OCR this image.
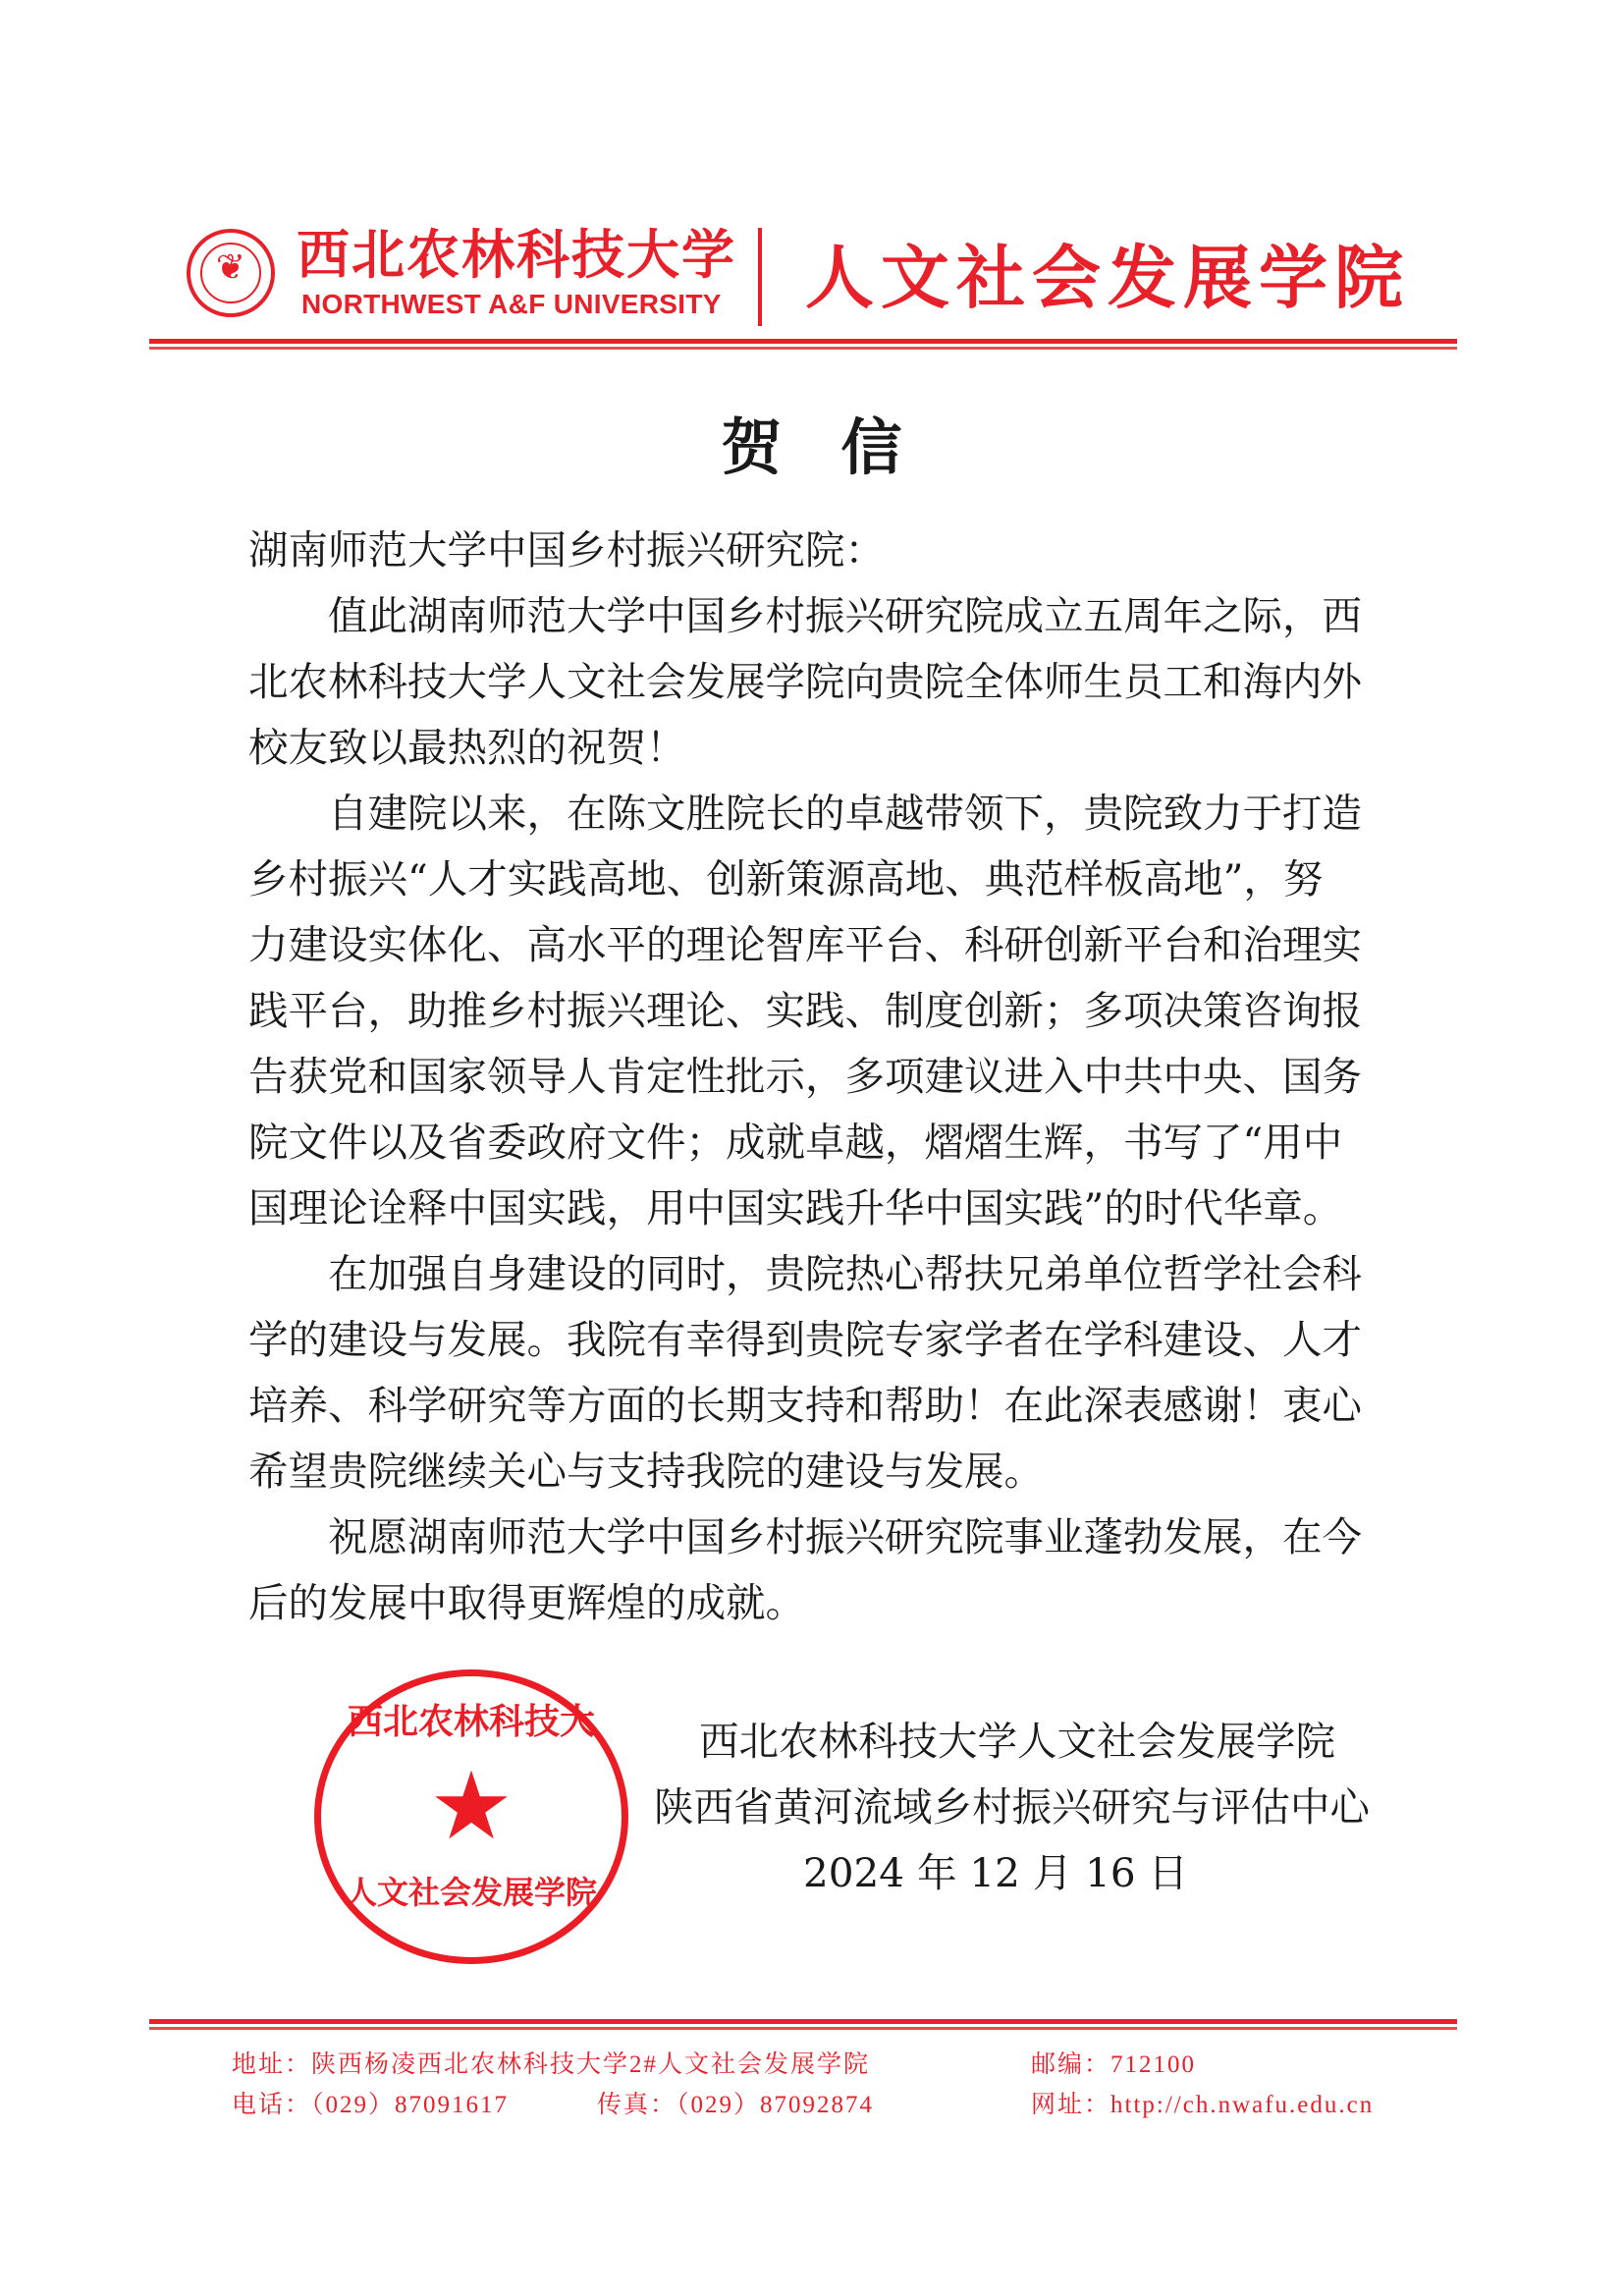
❦ 西北农林科技大学
NORTHWEST A&F UNIVERSITY 人文社会发展学院
贺信
湖南师范大学中国乡村振兴研究院：
　　值此湖南师范大学中国乡村振兴研究院成立五周年之际，西
北农林科技大学人文社会发展学院向贵院全体师生员工和海内外
校友致以最热烈的祝贺！
　　自建院以来，在陈文胜院长的卓越带领下，贵院致力于打造
乡村振兴“人才实践高地、创新策源高地、典范样板高地”，努
力建设实体化、高水平的理论智库平台、科研创新平台和治理实
践平台，助推乡村振兴理论、实践、制度创新；多项决策咨询报
告获党和国家领导人肯定性批示，多项建议进入中共中央、国务
院文件以及省委政府文件；成就卓越，熠熠生辉，书写了“用中
国理论诠释中国实践，用中国实践升华中国实践”的时代华章。
　　在加强自身建设的同时，贵院热心帮扶兄弟单位哲学社会科
学的建设与发展。我院有幸得到贵院专家学者在学科建设、人才
培养、科学研究等方面的长期支持和帮助！在此深表感谢！衷心
希望贵院继续关心与支持我院的建设与发展。
　　祝愿湖南师范大学中国乡村振兴研究院事业蓬勃发展，在今
后的发展中取得更辉煌的成就。
西北农林科技大
★
人文社会发展学院
西北农林科技大学人文社会发展学院
陕西省黄河流域乡村振兴研究与评估中心
2024 年 12 月 16 日
地址：陕西杨凌西北农林科技大学2#人文社会发展学院	邮编：712100
电话：（029）87091617	传真：（029）87092874	网址：http://ch.nwafu.edu.cn
